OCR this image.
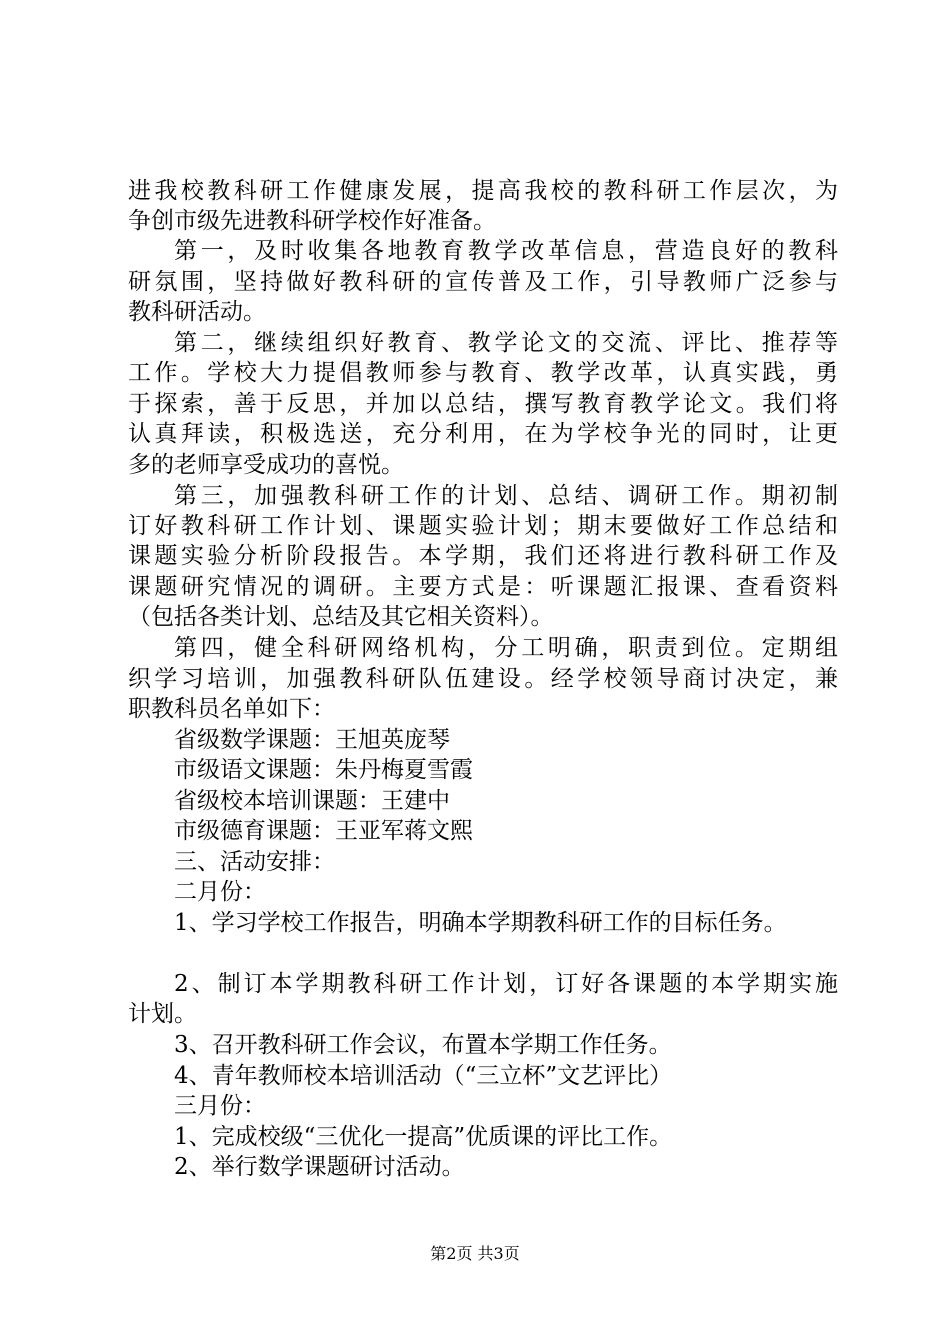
进我校教科研工作健康发展，提高我校的教科研工作层次，为
争创市级先进教科研学校作好准备。
第一，及时收集各地教育教学改革信息，营造良好的教科
研氛围，坚持做好教科研的宣传普及工作，引导教师广泛参与
教科研活动。
第二，继续组织好教育、教学论文的交流、评比、推荐等
工作。学校大力提倡教师参与教育、教学改革，认真实践，勇
于探索，善于反思，并加以总结，撰写教育教学论文。我们将
认真拜读，积极选送，充分利用，在为学校争光的同时，让更
多的老师享受成功的喜悦。
第三，加强教科研工作的计划、总结、调研工作。期初制
订好教科研工作计划、课题实验计划；期末要做好工作总结和
课题实验分析阶段报告。本学期，我们还将进行教科研工作及
课题研究情况的调研。主要方式是：听课题汇报课、查看资料
（包括各类计划、总结及其它相关资料）。
第四，健全科研网络机构，分工明确，职责到位。定期组
织学习培训，加强教科研队伍建设。经学校领导商讨决定，兼
职教科员名单如下：
省级数学课题：王旭英庞琴
市级语文课题：朱丹梅夏雪霞
省级校本培训课题：王建中
市级德育课题：王亚军蒋文熙
三、活动安排：
二月份：
1、学习学校工作报告，明确本学期教科研工作的目标任务。
2、制订本学期教科研工作计划，订好各课题的本学期实施
计划。
3、召开教科研工作会议，布置本学期工作任务。
4、青年教师校本培训活动（“三立杯”文艺评比）
三月份：
1、完成校级“三优化一提高”优质课的评比工作。
2、举行数学课题研讨活动。
第2页 共3页
